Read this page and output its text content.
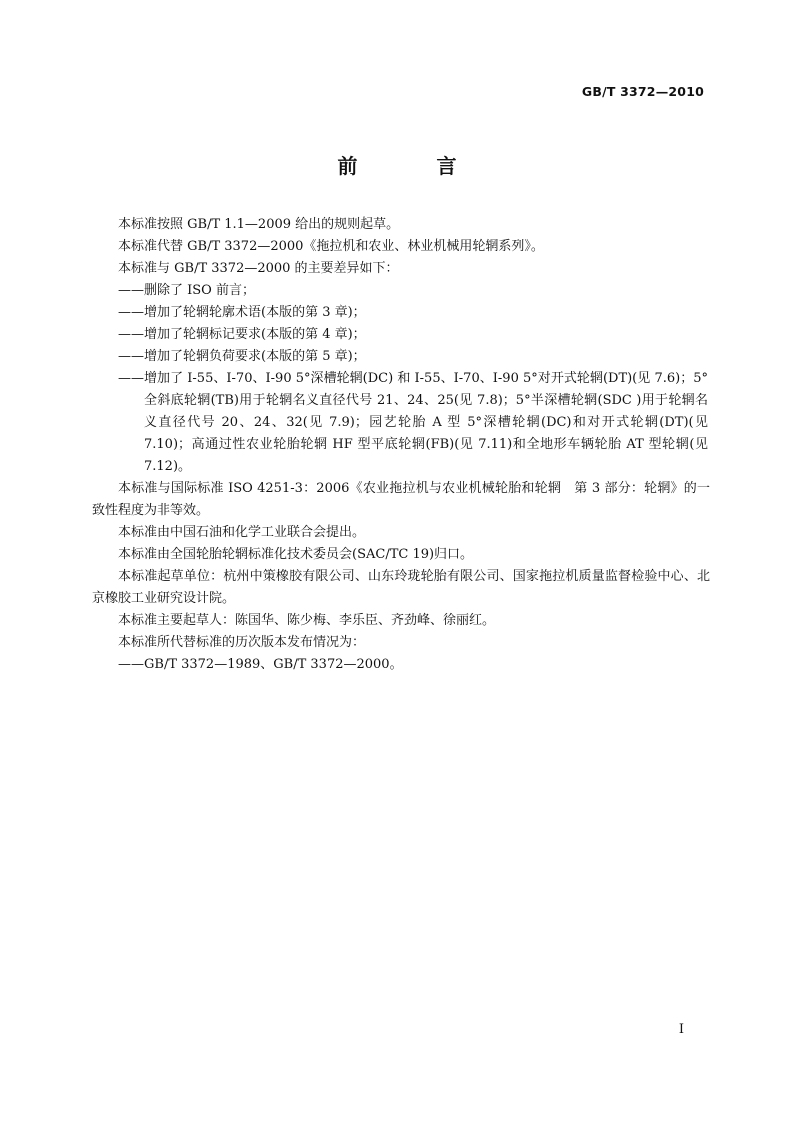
GB/T 3372—2010
前 言

本标准按照 GB/T 1.1—2009 给出的规则起草。

本标准代替 GB/T 3372—2000《拖拉机和农业、林业机械用轮辋系列》。

本标准与 GB/T 3372—2000 的主要差异如下：

——删除了 ISO 前言；

——增加了轮辋轮廓术语(本版的第 3 章)；

——增加了轮辋标记要求(本版的第 4 章)；

——增加了轮辋负荷要求(本版的第 5 章)；

——增加了 I-55、I-70、I-90 5°深槽轮辋(DC) 和 I-55、I-70、I-90 5°对开式轮辋(DT)(见 7.6)；5°全斜底轮辋(TB)用于轮辋名义直径代号 21、24、25(见 7.8)；5°半深槽轮辋(SDC )用于轮辋名义直径代号 20、24、32(见 7.9)；园艺轮胎 A 型 5°深槽轮辋(DC)和对开式轮辋(DT)(见 7.10)；高通过性农业轮胎轮辋 HF 型平底轮辋(FB)(见 7.11)和全地形车辆轮胎 AT 型轮辋(见 7.12)。

本标准与国际标准 ISO 4251-3：2006《农业拖拉机与农业机械轮胎和轮辋　第 3 部分：轮辋》的一致性程度为非等效。

本标准由中国石油和化学工业联合会提出。

本标准由全国轮胎轮辋标准化技术委员会(SAC/TC 19)归口。

本标准起草单位：杭州中策橡胶有限公司、山东玲珑轮胎有限公司、国家拖拉机质量监督检验中心、北京橡胶工业研究设计院。

本标准主要起草人：陈国华、陈少梅、李乐臣、齐劲峰、徐丽红。

本标准所代替标准的历次版本发布情况为：

——GB/T 3372—1989、GB/T 3372—2000。

I
